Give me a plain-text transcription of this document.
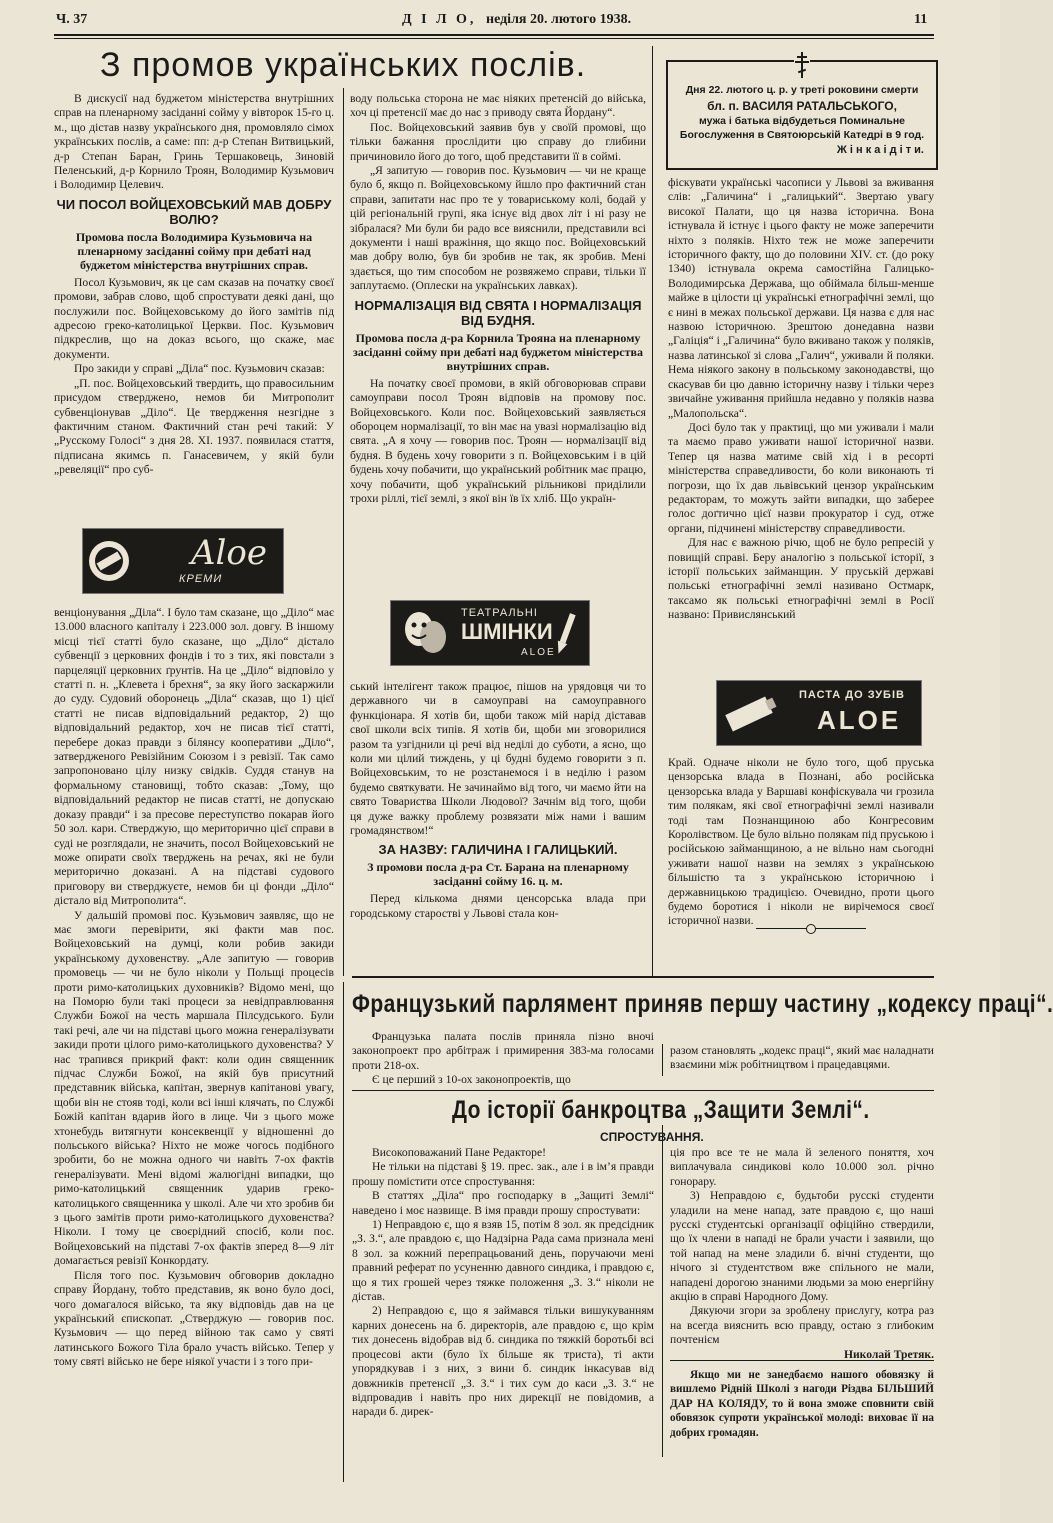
Ч. 37	Д І Л О, неділя 20. лютого 1938.	11
З промов українських послів.

В дискусії над буджетом міністерства внутрішних справ на пленарному засіданні сойму у вівторок 15-го ц. м., що дістав назву українського дня, промовляло сімох українських послів, а саме: пп: д-р Степан Витвицький, д-р Степан Баран, Гринь Тершаковець, Зиновій Пеленський, д-р Корнило Троян, Володимир Кузьмович і Володимир Целевич.

ЧИ ПОСОЛ ВОЙЦЕХОВСЬКИЙ МАВ ДОБРУ ВОЛЮ?
Промова посла Володимира Кузьмовича на пленарному засіданні сойму при дебаті над буджетом міністерства внутрішних справ.

Посол Кузьмович, як це сам сказав на початку своєї промови, забрав слово, щоб спростувати деякі дані, що послужили пос. Войцеховському до його замітів під адресою греко-католицької Церкви. Пос. Кузьмович підкреслив, що на доказ всього, що скаже, має документи.

Про закиди у справі „Діла“ пос. Кузьмович сказав:

„П. пос. Войцеховський твердить, що правосильним присудом стверджено, немов би Митрополит субвенціонував „Діло“. Це твердження незгідне з фактичним станом. Фактичний стан речі такий: У „Русскому Голосі“ з дня 28. XI. 1937. появилася стаття, підписана якимсь п. Ганасевичем, у якій були „ревеляції“ про суб-

Aloe
КРЕМИ

венціонування „Діла“. І було там сказане, що „Діло“ має 13.000 власного капіталу і 223.000 зол. довгу. В іншому місці тієї статті було сказане, що „Діло“ дістало субвенції з церковних фондів і то з тих, які повстали з парцеляції церковних ґрунтів. На це „Діло“ відповіло у статті п. н. „Клевета і брехня“, за яку його заскаржили до суду. Судовий оборонець „Діла“ сказав, що 1) цієї статті не писав відповідальний редактор, 2) що відповідальний редактор, хоч не писав тієї статті, перебере доказ правди з білянсу кооперативи „Діло“, затвердженого Ревізійним Союзом і з ревізії. Так само запропоновано цілу низку свідків. Суддя станув на формальному становищі, тобто сказав: „Тому, що відповідальний редактор не писав статті, не допускаю доказу правди“ і за пресове переступство покарав його 50 зол. кари. Стверджую, що мериторично цієї справи в суді не розглядали, не значить, посол Войцеховський не може опирати своїх тверджень на речах, які не були мериторично доказані. А на підставі судового приговору ви стверджуєте, немов би ці фонди „Діло“ дістало від Митрополита“.

У дальшій промові пос. Кузьмович заявляє, що не має змоги перевірити, які факти мав пос. Войцеховський на думці, коли робив закиди українському духовенству. „Але запитую — говорив промовець — чи не було ніколи у Польщі процесів проти римо-католицьких духовників? Відомо мені, що на Поморю були такі процеси за невідправлювання Служби Божої на честь маршала Пілсудського. Були такі речі, але чи на підставі цього можна генералізувати закиди проти цілого римо-католицького духовенства? У нас трапився прикрий факт: коли один священник підчас Служби Божої, на якій був присутний представник війська, капітан, звернув капітанові увагу, щоби він не стояв тоді, коли всі інші клячать, по Службі Божій капітан вдарив його в лице. Чи з цього може хтонебудь витягнути консеквенції у відношенні до польського війська? Ніхто не може чогось подібного зробити, бо не можна одного чи навіть 7-ох фактів генералізувати. Мені відомі жалюгідні випадки, що римо-католицький священник ударив греко-католицького священника у школі. Але чи хто зробив би з цього замітів проти римо-католицького духовенства? Ніколи. І тому це своєрідний спосіб, коли пос. Войцеховський на підставі 7-ох фактів зперед 8—9 літ домагається ревізії Конкордату.

Після того пос. Кузьмович обговорив докладно справу Йордану, тобто представив, як воно було досі, чого домагалося військо, та яку відповідь дав на це український єпископат. „Стверджую — говорив пос. Кузьмович — що перед війною так само у святі латинського Божого Тіла брало участь військо. Тепер у тому святі військо не бере ніякої участи і з того при-

воду польська сторона не має ніяких претенсій до війська, хоч ці претенсії має до нас з приводу свята Йордану“.

Пос. Войцеховський заявив був у своїй промові, що тільки бажання прослідити цю справу до глибини причиновило його до того, щоб представити її в соймі.

„Я запитую — говорив пос. Кузьмович — чи не краще було б, якщо п. Войцеховському йшло про фактичний стан справи, запитати нас про те у товариському колі, бодай у цій регіональній групі, яка існує від двох літ і ні разу не зібралася? Ми були би радо все вияснили, представили всі документи і наші вражіння, що якщо пос. Войцеховський мав добру волю, був би зробив не так, як зробив. Мені здається, що тим способом не розвяжемо справи, тільки її заплутаємо. (Оплески на українських лавках).

НОРМАЛІЗАЦІЯ ВІД СВЯТА І НОРМАЛІЗАЦІЯ ВІД БУДНЯ.
Промова посла д-ра Корнила Трояна на пленарному засіданні сойму при дебаті над буджетом міністерства внутрішних справ.

На початку своєї промови, в якій обговорював справи самоуправи посол Троян відповів на промову пос. Войцеховського. Коли пос. Войцеховський заявляється обороцем нормалізації, то він має на увазі нормалізацію від свята. „А я хочу — говорив пос. Троян — нормалізації від будня. В будень хочу говорити з п. Войцеховським і в цій будень хочу побачити, що український робітник має працю, хочу побачити, щоб український рільникові приділили трохи ріллі, тієї землі, з якої він їв їх хліб. Що україн-

ТЕАТРАЛЬНІ
ШМІНКИ
ALOE

ський інтелігент також працює, пішов на урядовця чи то державного чи в самоуправі на самоуправного функціонара. Я хотів би, щоби також мій нарід діставав свої школи всіх типів. Я хотів би, щоби ми зговорилися разом та узгіднили ці речі від неділі до суботи, а ясно, що коли ми цілий тиждень, у ці будні будемо говорити з п. Войцеховським, то не розстанемося і в неділю і разом будемо святкувати. Не зачинаймо від того, чи маємо йти на свято Товариства Школи Людової? Зачнім від того, щоби ця дуже важку проблему розвязати між нами і вашим громадянством!“

ЗА НАЗВУ: ГАЛИЧИНА І ГАЛИЦЬКИЙ.
З промови посла д-ра Ст. Барана на пленарному засіданні сойму 16. ц. м.

Перед кількома днями ценсорська влада при городському старостві у Львові стала кон-

Дня 22. лютого ц. р. у треті роковини смерти
бл. п. ВАСИЛЯ РАТАЛЬСЬКОГО,
мужа і батька відбудеться Поминальне Богослуження в Святоюрській Катедрі в 9 год.
Ж і н к а і д і т и.

фіскувати українські часописи у Львові за вживання слів: „Галичина“ і „галицький“. Звертаю увагу високої Палати, що ця назва історична. Вона істнувала й істнує і цього факту не може заперечити ніхто з поляків. Ніхто теж не може заперечити історичного факту, що до половини XIV. ст. (до року 1340) істнувала окрема самостійна Галицько-Володимирська Держава, що обіймала більш-менше майже в цілости ці українські етнографічні землі, що є нині в межах польської держави. Ця назва є для нас назвою історичною. Зрештою донедавна назви „Галіція“ і „Галичина“ було вживано також у поляків, назва латинської зі слова „Галич“, уживали й поляки. Нема ніякого закону в польському законодавстві, що скасував би цю давню історичну назву і тільки через звичайне уживання прийшла недавно у поляків назва „Малопольска“.

Досі було так у практиці, що ми уживали і мали та маємо право уживати нашої історичної назви. Тепер ця назва матиме свій хід і в ресорті міністерства справедливости, бо коли виконають ті погрози, що їх дав львівський цензор українським редакторам, то можуть зайти випадки, що заберее голос доґтично цієї назви прокуратор і суд, отже органи, підчинені міністерству справедливости.

Для нас є важною річю, щоб не було репресій у повищій справі. Беру аналогію з польської історії, з історії польських займанщин. У пруській державі польські етнографічні землі називано Остмарк, таксамо як польські етнографічні землі в Росії названо: Привислянський

ПАСТА ДО ЗУБІВ
ALOE

Край. Одначе ніколи не було того, щоб пруська цензорська влада в Познані, або російська цензорська влада у Варшаві конфіскувала чи грозила тим полякам, які свої етнографічні землі називали тоді там Познанщиною або Конгресовим Королівством. Це було вільно полякам під пруською і російською займанщиною, а не вільно нам сьогодні уживати нашої назви на землях з українською більшістю та з українською історичною і державницькою традицією. Очевидно, проти цього будемо боротися і ніколи не вирічемося своєї історичної назви.

Французький парлямент приняв першу частину „кодексу праці“.

Французька палата послів приняла пізно вночі законопроект про арбітраж і примирення 383-ма голосами проти 218-ох.

Є це перший з 10-ох законопроектів, що

разом становлять „кодекс праці“, який має наладнати взаємини між робітництвом і працедавцями.

До історії банкроцтва „Защити Землі“.
СПРОСТУВАННЯ.

Високоповажаний Пане Редакторе!

Не тільки на підставі § 19. прес. зак., але і в ім’я правди прошу помістити отсе спростування:

В статтях „Діла“ про господарку в „Защиті Землі“ наведено і моє назвище. В імя правди прошу спростувати:

1) Неправдою є, що я взяв 15, потім 8 зол. як предсідник „З. З.“, але правдою є, що Надзірна Рада сама признала мені 8 зол. за кожний перепрацьований день, поручаючи мені правний реферат по усуненню давного синдика, і правдою є, що я тих грошей через тяжке положення „З. З.“ ніколи не дістав.

2) Неправдою є, що я займався тільки вишукуванням карних донесень на б. директорів, але правдою є, що крім тих донесень відобрав від б. синдика по тяжкій боротьбі всі процесові акти (було їх більше як триста), ті акти упорядкував і з них, з вини б. синдик інкасував від довжників претенсії „З. З.“ і тих сум до каси „З. З.“ не відпровадив і навіть про них дирекції не повідомив, а наради б. дирек-

ція про все те не мала й зеленого поняття, хоч виплачувала синдикові коло 10.000 зол. річно гонорару.

3) Неправдою є, будьтоби русскі студенти уладили на мене напад, зате правдою є, що наші русскі студентські організації офіційно ствердили, що їх члени в нападі не брали участи і заявили, що той напад на мене зладили б. вічні студенти, що нічого зі студентством вже спільного не мали, нападені дорогою знаними людьми за мою енергійну акцію в справі Народного Дому.

Дякуючи згори за зроблену прислугу, котра раз на всегда вияснить всю правду, остаю з глибоким почтенієм

Николай Третяк.

Якщо ми не занедбаємо нашого обовязку й вишлемо Рідній Школі з нагоди Різдва БІЛЬШИЙ ДАР НА КОЛЯДУ, то й вона зможе сповнити свій обовязок супроти української молоді: виховає її на добрих громадян.
